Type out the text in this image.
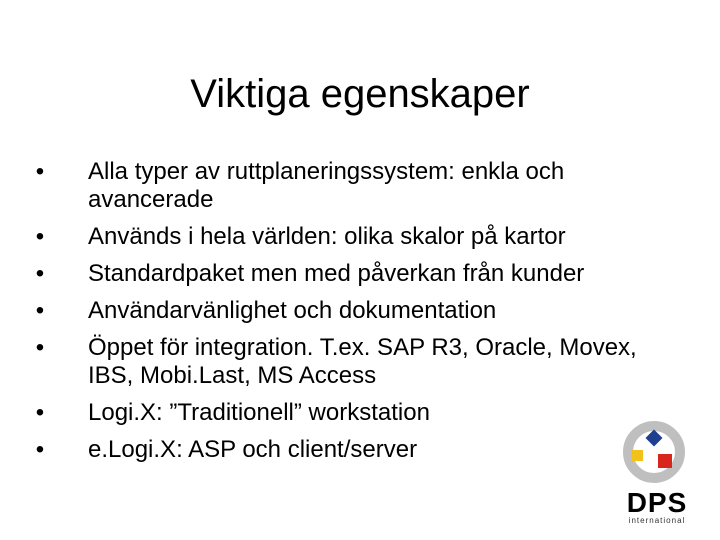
Viktiga egenskaper
• Alla typer av ruttplaneringssystem: enkla och avancerade
• Används i hela världen: olika skalor på kartor
• Standardpaket men med påverkan från kunder
• Användarvänlighet och dokumentation
• Öppet för integration. T.ex. SAP R3, Oracle, Movex, IBS, Mobi.Last, MS Access
• Logi.X: ”Traditionell” workstation
• e.Logi.X: ASP och client/server
DPS
international
